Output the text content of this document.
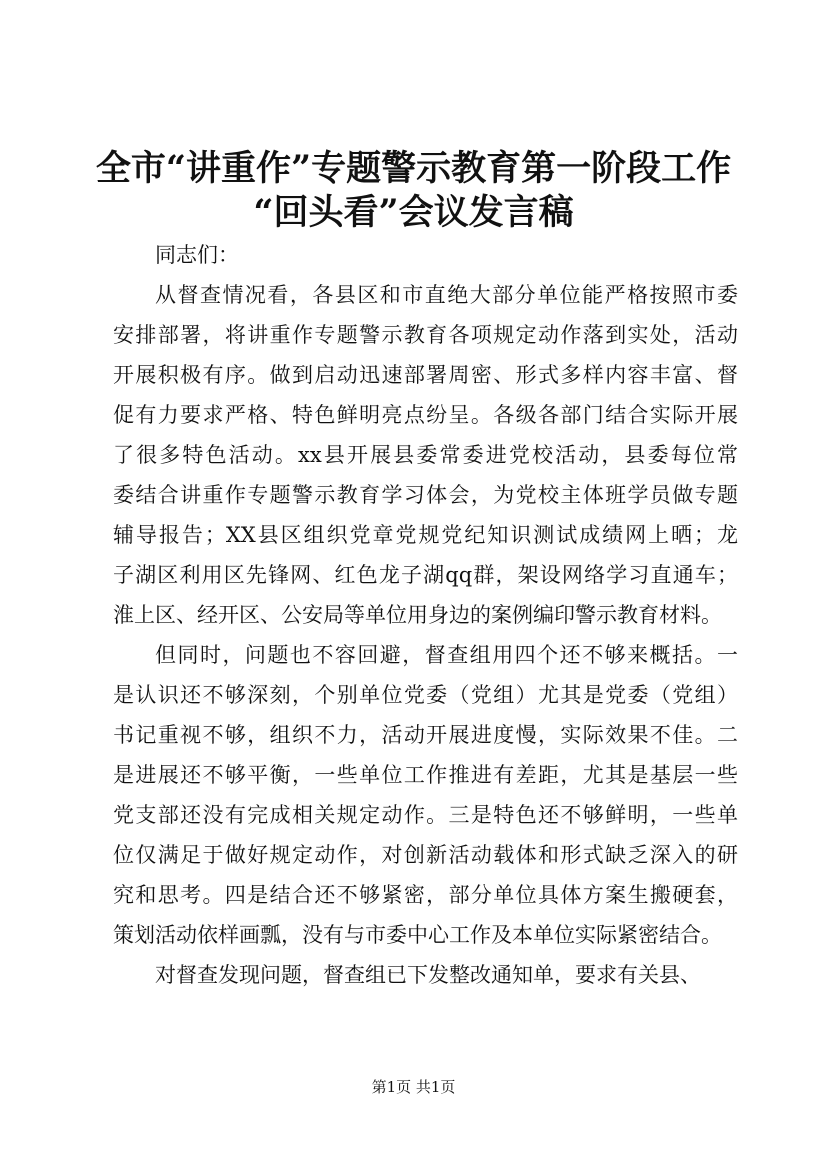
全市“讲重作”专题警示教育第一阶段工作
“回头看”会议发言稿
同志们：
从督查情况看，各县区和市直绝大部分单位能严格按照市委
安排部署，将讲重作专题警示教育各项规定动作落到实处，活动
开展积极有序。做到启动迅速部署周密、形式多样内容丰富、督
促有力要求严格、特色鲜明亮点纷呈。各级各部门结合实际开展
了很多特色活动。xx县开展县委常委进党校活动，县委每位常
委结合讲重作专题警示教育学习体会，为党校主体班学员做专题
辅导报告；XX县区组织党章党规党纪知识测试成绩网上晒；龙
子湖区利用区先锋网、红色龙子湖qq群，架设网络学习直通车；
淮上区、经开区、公安局等单位用身边的案例编印警示教育材料。
但同时，问题也不容回避，督查组用四个还不够来概括。一
是认识还不够深刻，个别单位党委（党组）尤其是党委（党组）
书记重视不够，组织不力，活动开展进度慢，实际效果不佳。二
是进展还不够平衡，一些单位工作推进有差距，尤其是基层一些
党支部还没有完成相关规定动作。三是特色还不够鲜明，一些单
位仅满足于做好规定动作，对创新活动载体和形式缺乏深入的研
究和思考。四是结合还不够紧密，部分单位具体方案生搬硬套，
策划活动依样画瓢，没有与市委中心工作及本单位实际紧密结合。
对督查发现问题，督查组已下发整改通知单，要求有关县、
第1页 共1页
